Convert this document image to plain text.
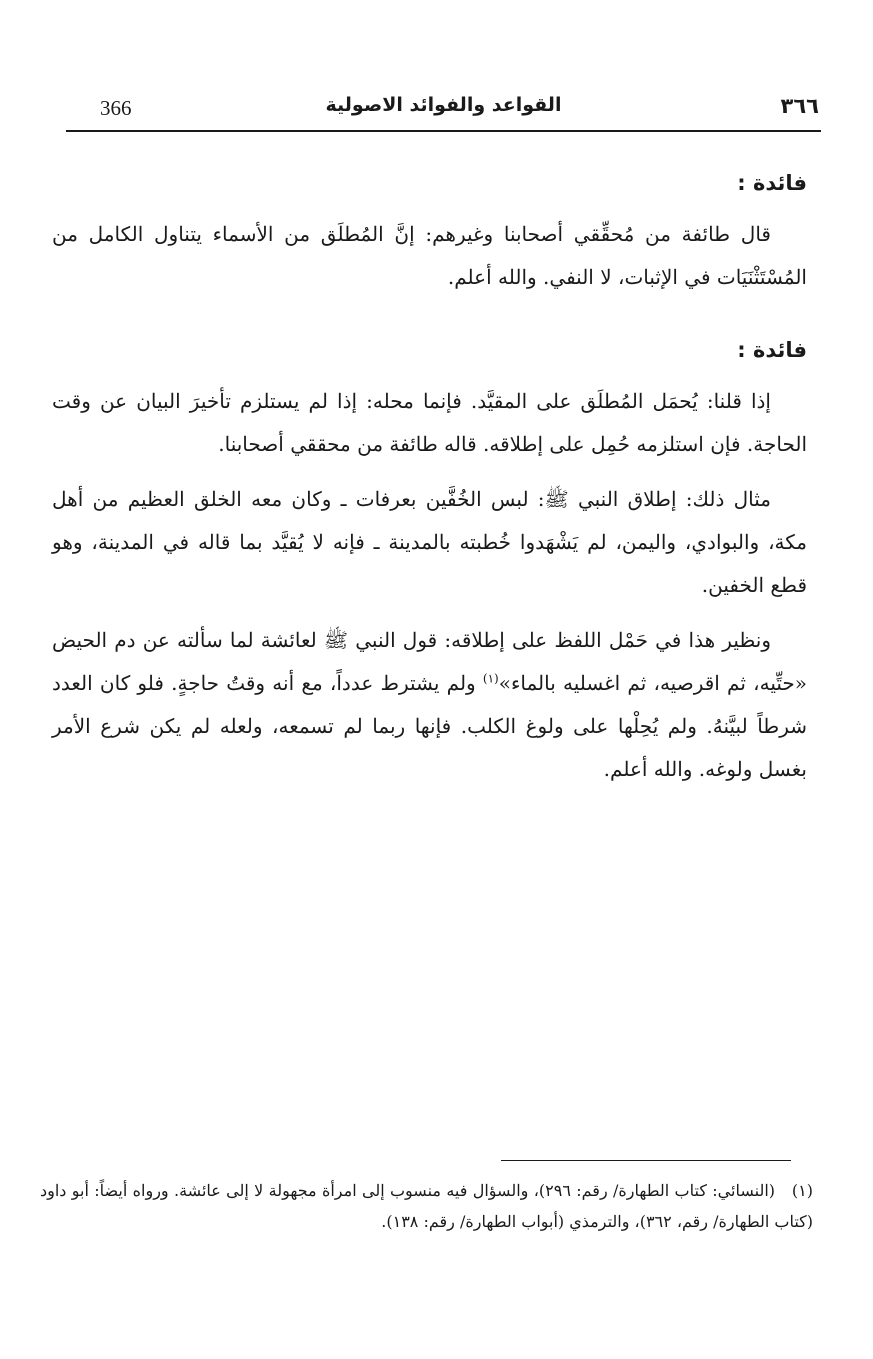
366	القواعد والفوائد الاصولية	٣٦٦
فائدة :

قال طائفة من مُحقِّقي أصحابنا وغيرهم: إنَّ المُطلَق من الأسماء يتناول الكامل من المُسْتَثْنَيَات في الإثبات، لا النفي. والله أعلم.

فائدة :

إذا قلنا: يُحمَل المُطلَق على المقيَّد. فإنما محله: إذا لم يستلزم تأخيرَ البيان عن وقت الحاجة. فإن استلزمه حُمِل على إطلاقه. قاله طائفة من محققي أصحابنا.

مثال ذلك: إطلاق النبي ﷺ: لبس الخُفَّين بعرفات ـ وكان معه الخلق العظيم من أهل مكة، والبوادي، واليمن، لم يَشْهَدوا خُطبته بالمدينة ـ فإنه لا يُقيَّد بما قاله في المدينة، وهو قطع الخفين.

ونظير هذا في حَمْل اللفظ على إطلاقه: قول النبي ﷺ لعائشة لما سألته عن دم الحيض «حتِّيه، ثم اقرصيه، ثم اغسليه بالماء»$^{(١)}$ ولم يشترط عدداً، مع أنه وقتُ حاجةٍ. فلو كان العدد شرطاً لبيَّنهُ. ولم يُحِلْها على ولوغ الكلب. فإنها ربما لم تسمعه، ولعله لم يكن شرع الأمر بغسل ولوغه. والله أعلم.

(١)(النسائي: كتاب الطهارة/ رقم: ٢٩٦)، والسؤال فيه منسوب إلى امرأة مجهولة لا إلى عائشة. ورواه أيضاً: أبو داود (كتاب الطهارة/ رقم، ٣٦٢)، والترمذي (أبواب الطهارة/ رقم: ١٣٨).
